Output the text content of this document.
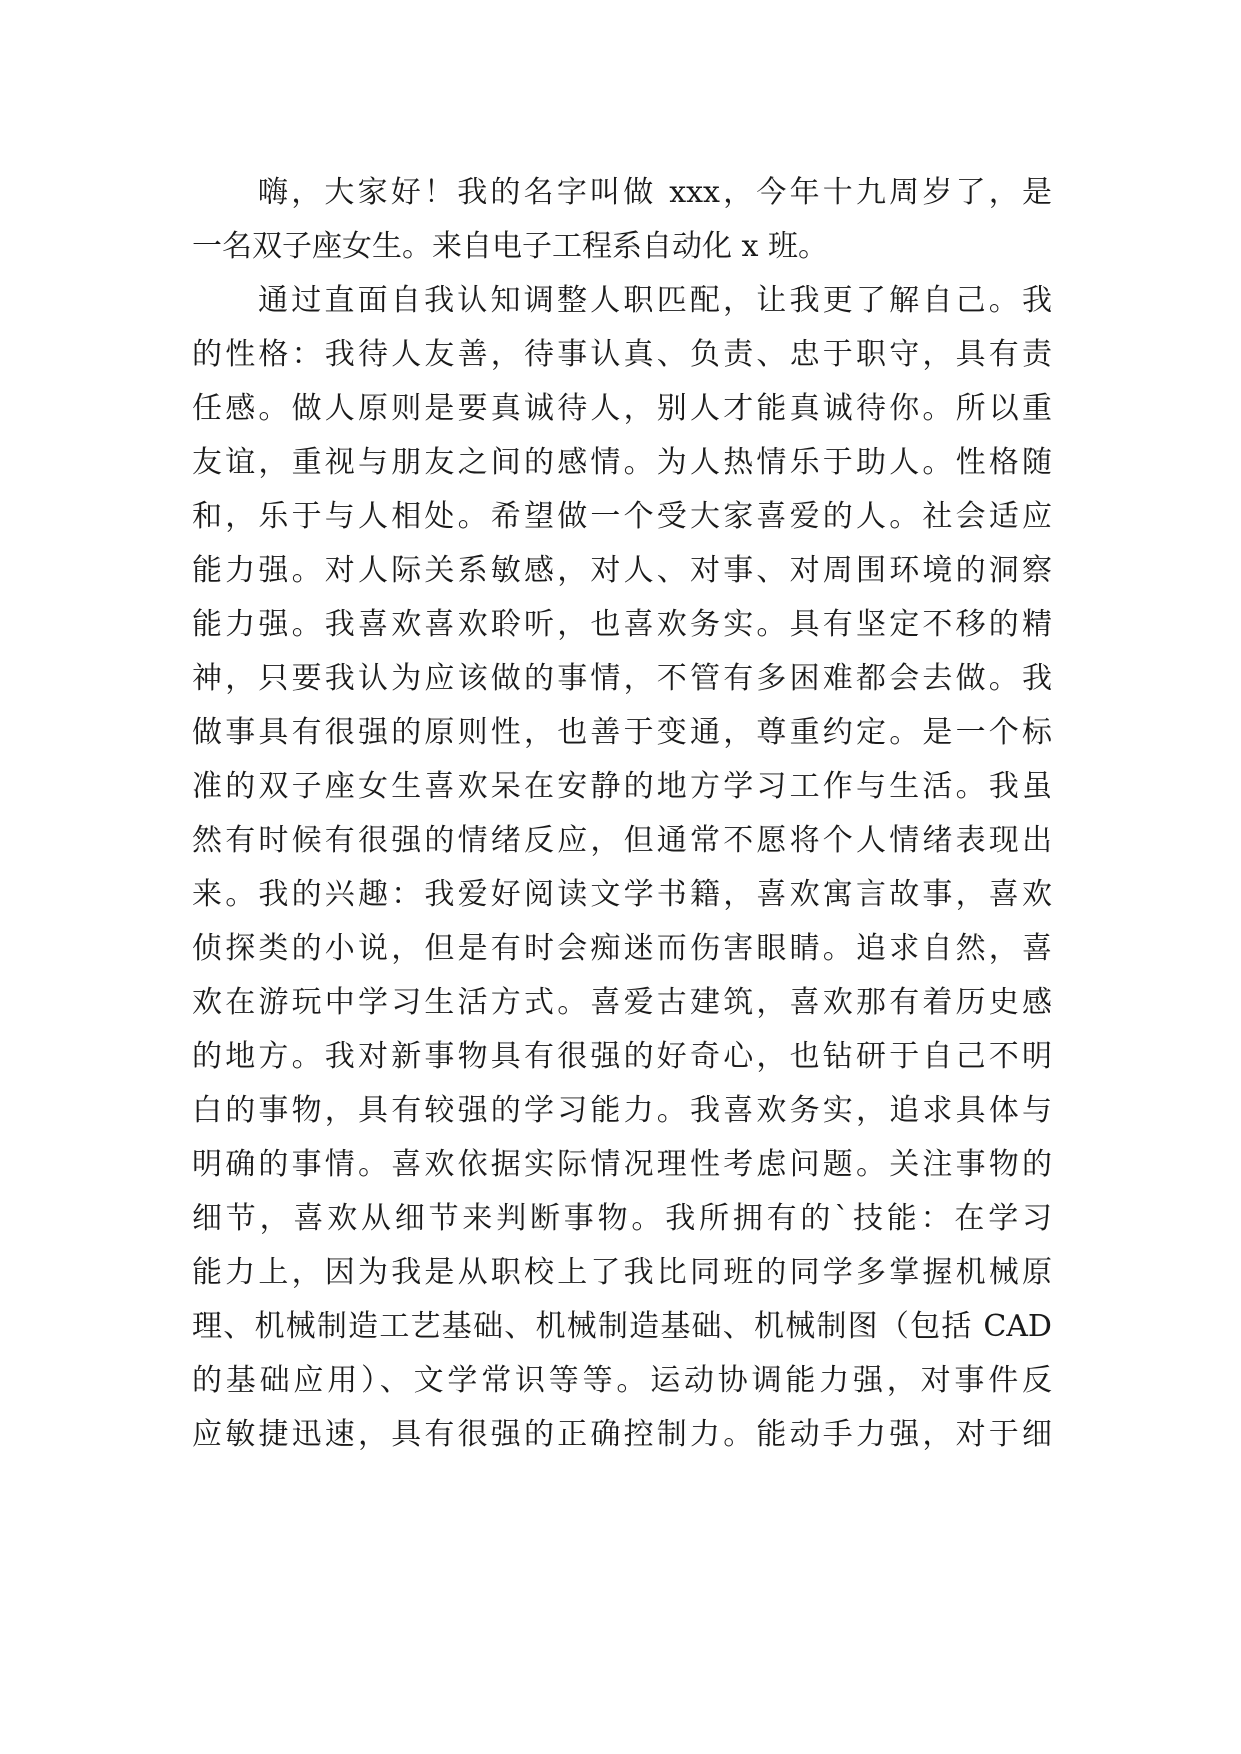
嗨，大家好！我的名字叫做 xxx，今年十九周岁了，是
一名双子座女生。来自电子工程系自动化 x 班。
通过直面自我认知调整人职匹配，让我更了解自己。我
的性格：我待人友善，待事认真、负责、忠于职守，具有责
任感。做人原则是要真诚待人，别人才能真诚待你。所以重
友谊，重视与朋友之间的感情。为人热情乐于助人。性格随
和，乐于与人相处。希望做一个受大家喜爱的人。社会适应
能力强。对人际关系敏感，对人、对事、对周围环境的洞察
能力强。我喜欢喜欢聆听，也喜欢务实。具有坚定不移的精
神，只要我认为应该做的事情，不管有多困难都会去做。我
做事具有很强的原则性，也善于变通，尊重约定。是一个标
准的双子座女生喜欢呆在安静的地方学习工作与生活。我虽
然有时候有很强的情绪反应，但通常不愿将个人情绪表现出
来。我的兴趣：我爱好阅读文学书籍，喜欢寓言故事，喜欢
侦探类的小说，但是有时会痴迷而伤害眼睛。追求自然，喜
欢在游玩中学习生活方式。喜爱古建筑，喜欢那有着历史感
的地方。我对新事物具有很强的好奇心，也钻研于自己不明
白的事物，具有较强的学习能力。我喜欢务实，追求具体与
明确的事情。喜欢依据实际情况理性考虑问题。关注事物的
细节，喜欢从细节来判断事物。我所拥有的`技能：在学习
能力上，因为我是从职校上了我比同班的同学多掌握机械原
理、机械制造工艺基础、机械制造基础、机械制图（包括 CAD
的基础应用）、文学常识等等。运动协调能力强，对事件反
应敏捷迅速，具有很强的正确控制力。能动手力强，对于细
